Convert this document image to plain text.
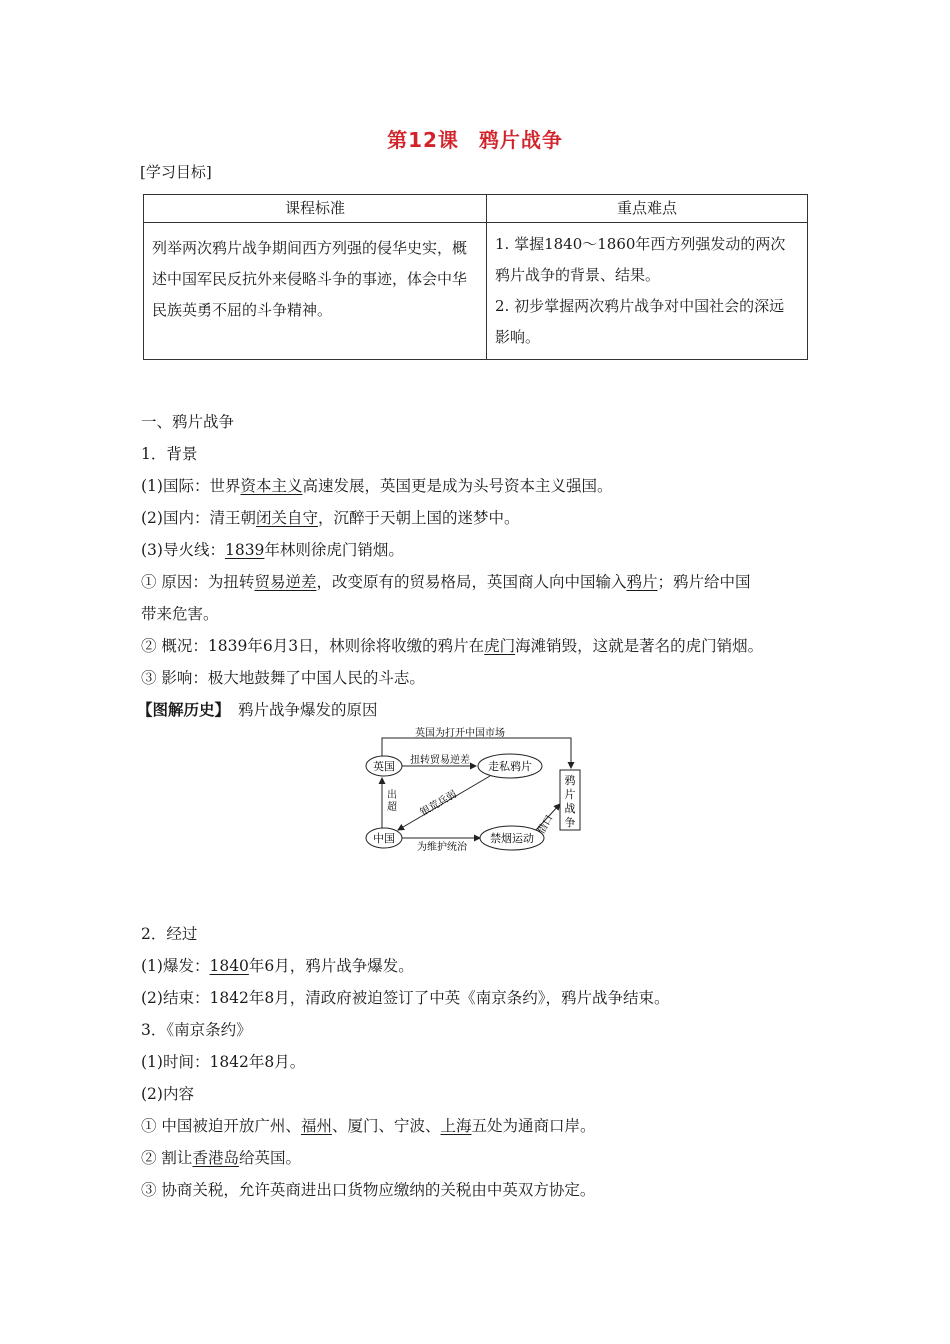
第12课 鸦片战争
[学习目标]
课程标准	重点难点
列举两次鸦片战争期间西方列强的侵华史实，概述中国军民反抗外来侵略斗争的事迹，体会中华民族英勇不屈的斗争精神。	1. 掌握1840～1860年西方列强发动的两次鸦片战争的背景、结果。
2. 初步掌握两次鸦片战争对中国社会的深远影响。
一、鸦片战争
1．背景
(1)国际：世界资本主义高速发展，英国更是成为头号资本主义强国。
(2)国内：清王朝闭关自守，沉醉于天朝上国的迷梦中。
(3)导火线：1839年林则徐虎门销烟。
① 原因：为扭转贸易逆差，改变原有的贸易格局，英国商人向中国输入鸦片；鸦片给中国
带来危害。
② 概况：1839年6月3日，林则徐将收缴的鸦片在虎门海滩销毁，这就是著名的虎门销烟。
③ 影响：极大地鼓舞了中国人民的斗志。
【图解历史】 鸦片战争爆发的原因
2．经过
(1)爆发：1840年6月，鸦片战争爆发。
(2)结束：1842年8月，清政府被迫签订了中英《南京条约》，鸦片战争结束。
3．《南京条约》
(1)时间：1842年8月。
(2)内容
① 中国被迫开放广州、福州、厦门、宁波、上海五处为通商口岸。
② 割让香港岛给英国。
③ 协商关税，允许英商进出口货物应缴纳的关税由中英双方协定。
英国为打开中国市场
英国 扭转贸易逆差 走私鸦片
鸦片战争
出超 银荒兵弱
中国
为维护统治
禁烟运动
借口
